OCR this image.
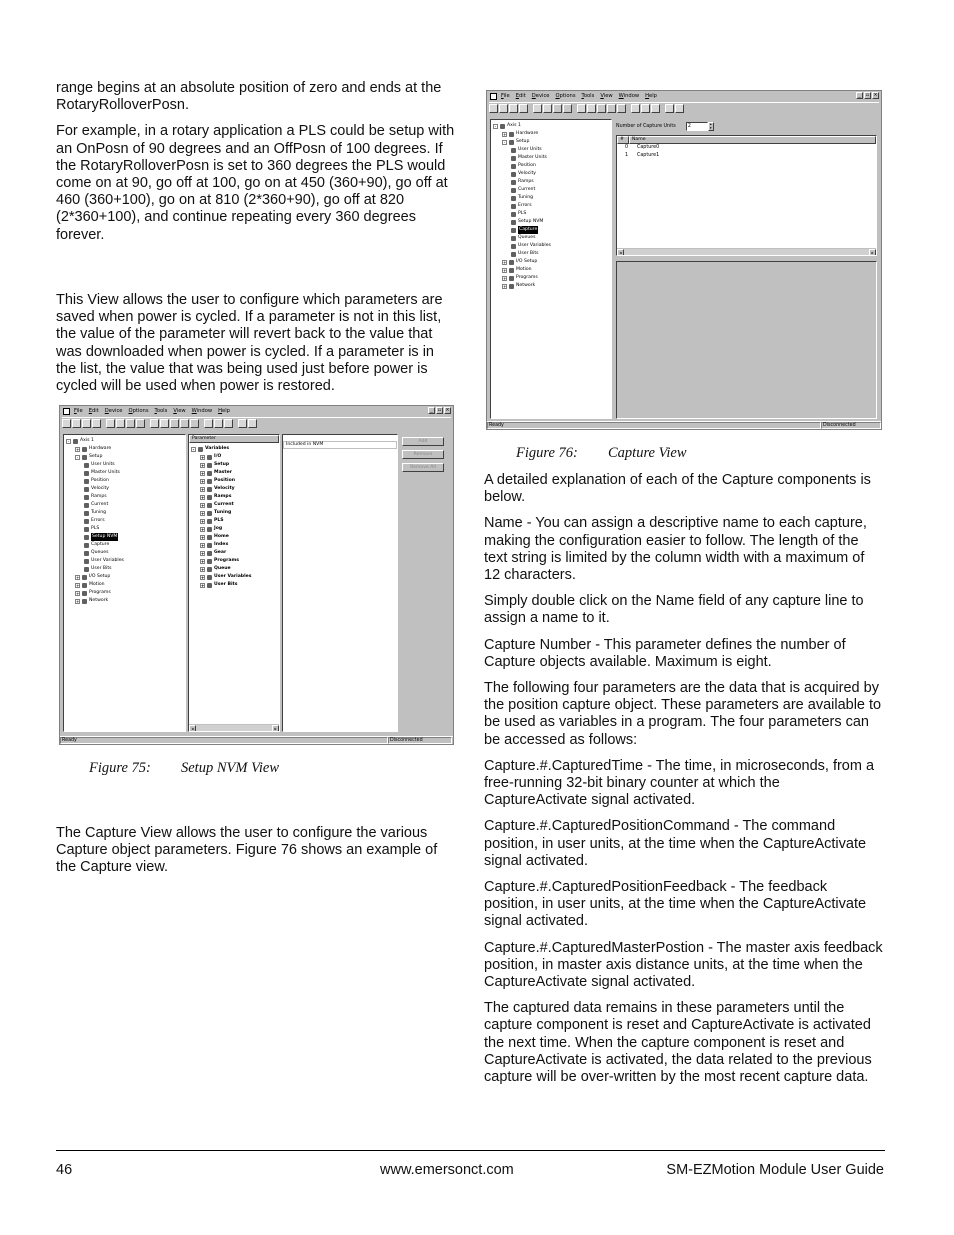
range begins at an absolute position of zero and ends at the RotaryRolloverPosn.

For example, in a rotary application a PLS could be setup with an OnPosn of 90 degrees and an OffPosn of 100 degrees. If the RotaryRolloverPosn is set to 360 degrees the PLS would come on at 90, go off at 100, go on at 450 (360+90), go off at 460 (360+100), go on at 810 (2*360+90), go off at 820 (2*360+100), and continue repeating every 360 degrees forever.

This View allows the user to configure which parameters are saved when power is cycled. If a parameter is not in this list, the value of the parameter will revert back to the value that was downloaded when power is cycled. If a parameter is in the list, the value that was being used just before power is cycled will be used when power is restored.

File Edit Device Options Tools View Window Help	_	▫ ×
-	Axis 1
+ Hardware
-	Setup
User Units
Master Units
Position
Velocity
Ramps
Current
Tuning
Errors
PLS
Setup NVM
Capture
Queues
User Variables
User Bits
+ I/O Setup
+ Motion
+ Programs
+ Network
Parameter
-	Variables
+ I/O
+ Setup
+ Master
+ Position
+ Velocity
+ Ramps
+ Current
+ Tuning
+ PLS
+ Jog
+ Home
+ Index
+ Gear
+ Programs
+ Queue
+ User Variables
+ User Bits
◂	▸
Included in NVM
Add
Remove
Remove All
Ready	Disconnected
Figure 75: Setup NVM View

The Capture View allows the user to configure the various Capture object parameters. Figure 76 shows an example of the Capture view.

File Edit Device Options Tools View Window Help	_	▫ ×
-	Axis 1
+ Hardware
-	Setup
User Units
Master Units
Position
Velocity
Ramps
Current
Tuning
Errors
PLS
Setup NVM
Capture
Queues
User Variables
User Bits
+ I/O Setup
+ Motion
+ Programs
+ Network
Number of Capture Units	2	▴
▾
#	Name
0	Capture0
1	Capture1
◂	▸
Ready	Disconnected
Figure 76: Capture View

A detailed explanation of each of the Capture components is below.

Name - You can assign a descriptive name to each capture, making the configuration easier to follow. The length of the text string is limited by the column width with a maximum of 12 characters.

Simply double click on the Name field of any capture line to assign a name to it.

Capture Number - This parameter defines the number of Capture objects available. Maximum is eight.

The following four parameters are the data that is acquired by the position capture object. These parameters are available to be used as variables in a program. The four parameters can be accessed as follows:

Capture.#.CapturedTime - The time, in microseconds, from a free-running 32-bit binary counter at which the CaptureActivate signal activated.

Capture.#.CapturedPositionCommand - The command position, in user units, at the time when the CaptureActivate signal activated.

Capture.#.CapturedPositionFeedback - The feedback position, in user units, at the time when the CaptureActivate signal activated.

Capture.#.CapturedMasterPostion - The master axis feedback position, in master axis distance units, at the time when the CaptureActivate signal activated.

The captured data remains in these parameters until the capture component is reset and CaptureActivate is activated the next time. When the capture component is reset and CaptureActivate is activated, the data related to the previous capture will be over-written by the most recent capture data.

46	www.emersonct.com	SM-EZMotion Module User Guide
